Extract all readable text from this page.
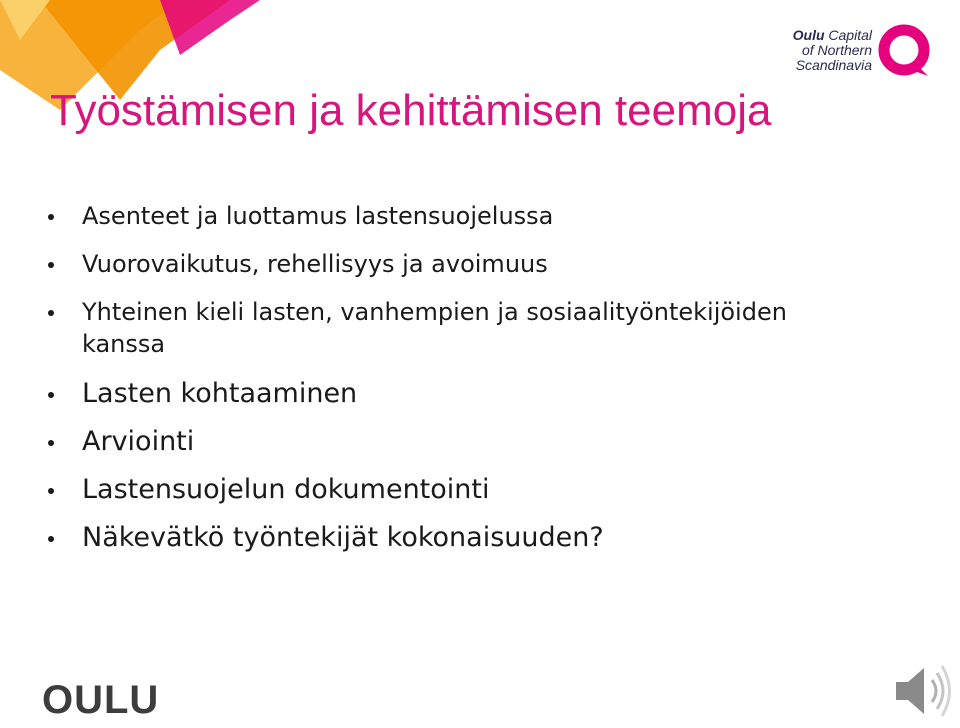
Oulu Capital
of Northern
Scandinavia
Työstämisen ja kehittämisen teemoja
Asenteet ja luottamus lastensuojelussa
Vuorovaikutus, rehellisyys ja avoimuus
Yhteinen kieli lasten, vanhempien ja sosiaalityöntekijöiden kanssa
Lasten kohtaaminen
Arviointi
Lastensuojelun dokumentointi
Näkevätkö työntekijät kokonaisuuden?
OULU
